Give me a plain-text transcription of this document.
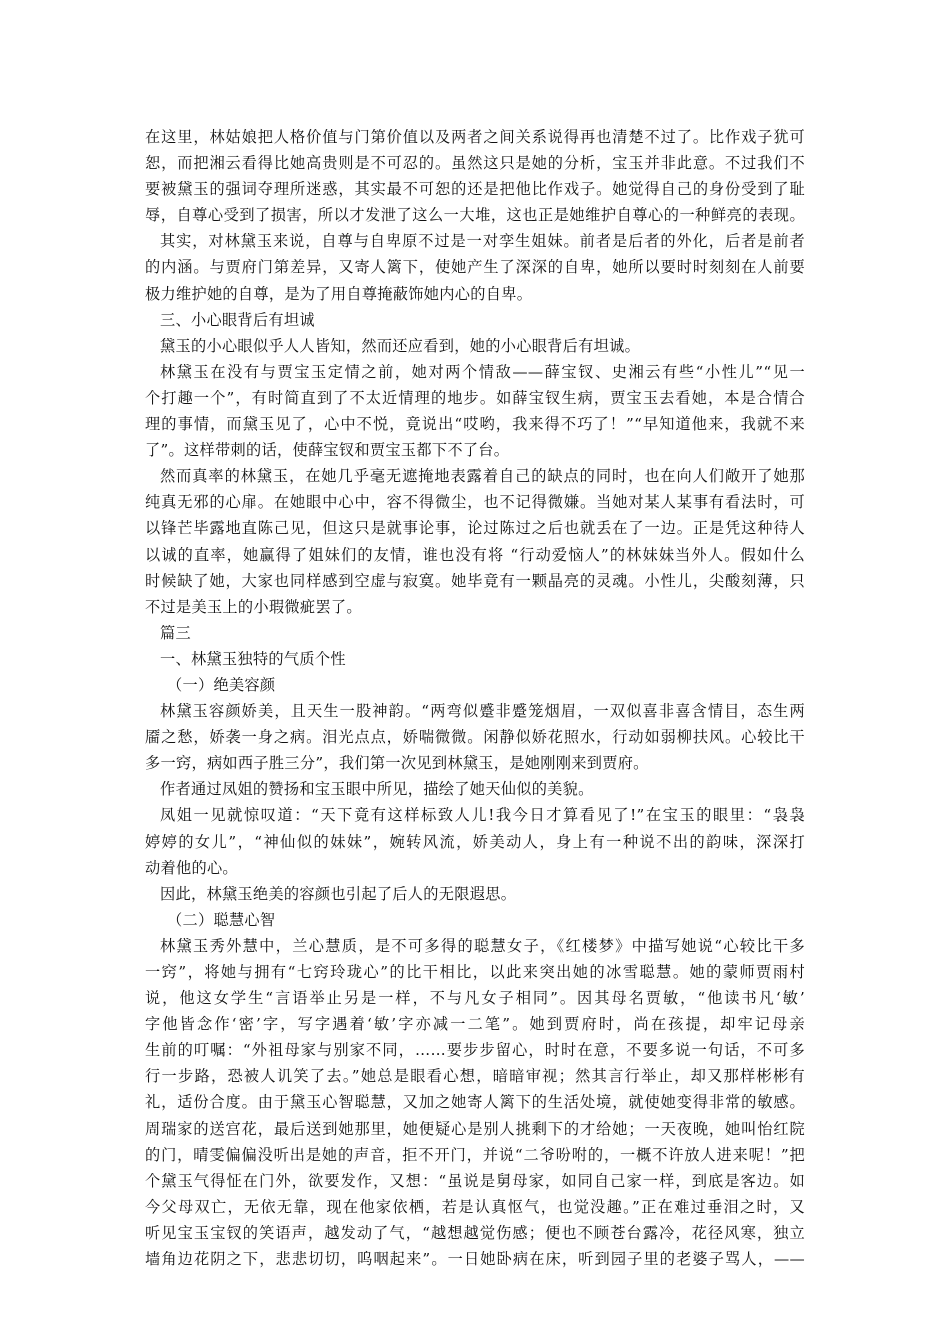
在这里，林姑娘把人格价值与门第价值以及两者之间关系说得再也清楚不过了。比作戏子犹可
恕，而把湘云看得比她高贵则是不可忍的。虽然这只是她的分析，宝玉并非此意。不过我们不
要被黛玉的强词夺理所迷惑，其实最不可恕的还是把他比作戏子。她觉得自己的身份受到了耻
辱，自尊心受到了损害，所以才发泄了这么一大堆，这也正是她维护自尊心的一种鲜亮的表现。
其实，对林黛玉来说，自尊与自卑原不过是一对孪生姐妹。前者是后者的外化，后者是前者
的内涵。与贾府门第差异，又寄人篱下，使她产生了深深的自卑，她所以要时时刻刻在人前要
极力维护她的自尊，是为了用自尊掩蔽饰她内心的自卑。
三、小心眼背后有坦诚
黛玉的小心眼似乎人人皆知，然而还应看到，她的小心眼背后有坦诚。
林黛玉在没有与贾宝玉定情之前，她对两个情敌——薛宝钗、史湘云有些“小性儿”“见一
个打趣一个”，有时简直到了不太近情理的地步。如薛宝钗生病，贾宝玉去看她，本是合情合
理的事情，而黛玉见了，心中不悦，竟说出“哎哟，我来得不巧了！”“早知道他来，我就不来
了”。这样带刺的话，使薛宝钗和贾宝玉都下不了台。
然而真率的林黛玉，在她几乎毫无遮掩地表露着自己的缺点的同时，也在向人们敞开了她那
纯真无邪的心扉。在她眼中心中，容不得微尘，也不记得微嫌。当她对某人某事有看法时，可
以锋芒毕露地直陈己见，但这只是就事论事，论过陈过之后也就丢在了一边。正是凭这种待人
以诚的直率，她赢得了姐妹们的友情，谁也没有将 “行动爱恼人”的林妹妹当外人。假如什么
时候缺了她，大家也同样感到空虚与寂寞。她毕竟有一颗晶亮的灵魂。小性儿，尖酸刻薄，只
不过是美玉上的小瑕微疵罢了。
篇三
一、林黛玉独特的气质个性
（一）绝美容颜
林黛玉容颜娇美，且天生一股神韵。“两弯似蹙非蹙笼烟眉，一双似喜非喜含情目，态生两
靥之愁，娇袭一身之病。泪光点点，娇喘微微。闲静似娇花照水，行动如弱柳扶风。心较比干
多一窍，病如西子胜三分”，我们第一次见到林黛玉，是她刚刚来到贾府。
作者通过凤姐的赞扬和宝玉眼中所见，描绘了她天仙似的美貌。
凤姐一见就惊叹道：“天下竟有这样标致人儿!我今日才算看见了!”在宝玉的眼里：“袅袅
婷婷的女儿”，“神仙似的妹妹”，婉转风流，娇美动人，身上有一种说不出的韵味，深深打
动着他的心。
因此，林黛玉绝美的容颜也引起了后人的无限遐思。
（二）聪慧心智
林黛玉秀外慧中，兰心慧质，是不可多得的聪慧女子，《红楼梦》中描写她说“心较比干多
一窍”，将她与拥有“七窍玲珑心”的比干相比，以此来突出她的冰雪聪慧。她的蒙师贾雨村
说，他这女学生“言语举止另是一样，不与凡女子相同”。因其母名贾敏，“他读书凡‘敏’
字他皆念作‘密’字，写字遇着‘敏’字亦减一二笔”。她到贾府时，尚在孩提，却牢记母亲
生前的叮嘱：“外祖母家与别家不同，……要步步留心，时时在意，不要多说一句话，不可多
行一步路，恐被人讥笑了去。”她总是眼看心想，暗暗审视；然其言行举止，却又那样彬彬有
礼，适份合度。由于黛玉心智聪慧，又加之她寄人篱下的生活处境，就使她变得非常的敏感。
周瑞家的送宫花，最后送到她那里，她便疑心是别人挑剩下的才给她；一天夜晚，她叫怡红院
的门，晴雯偏偏没听出是她的声音，拒不开门，并说“二爷吩咐的，一概不许放人进来呢！”把
个黛玉气得怔在门外，欲要发作，又想：“虽说是舅母家，如同自己家一样，到底是客边。如
今父母双亡，无依无靠，现在他家依栖，若是认真怄气，也觉没趣。”正在难过垂泪之时，又
听见宝玉宝钗的笑语声，越发动了气，“越想越觉伤感；便也不顾苍台露冷，花径风寒，独立
墙角边花阴之下，悲悲切切，呜咽起来”。一日她卧病在床，听到园子里的老婆子骂人，——
